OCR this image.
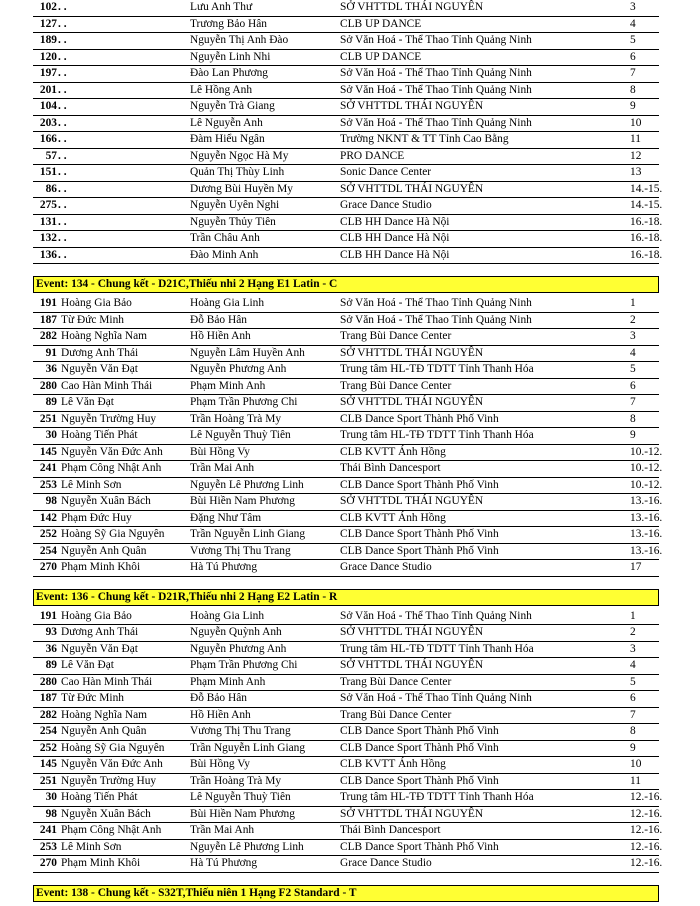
102	Lưu Anh Thư	SỞ VHTTDL THÁI NGUYÊN	3
. .
127	Trương Bảo Hân	CLB UP DANCE	4
. .
189	Nguyễn Thị Anh Đào	Sở Văn Hoá - Thể Thao Tỉnh Quảng Ninh	5
. .
120	Nguyễn Linh Nhi	CLB UP DANCE	6
. .
197	Đào Lan Phương	Sở Văn Hoá - Thể Thao Tỉnh Quảng Ninh	7
. .
201	Lê Hồng Anh	Sở Văn Hoá - Thể Thao Tỉnh Quảng Ninh	8
. .
104	Nguyễn Trà Giang	SỞ VHTTDL THÁI NGUYÊN	9
. .
203	Lê Nguyễn Anh	Sở Văn Hoá - Thể Thao Tỉnh Quảng Ninh	10
. .
166	Đàm Hiểu Ngân	Trường NKNT & TT Tỉnh Cao Bằng	11
. .
57	Nguyễn Ngọc Hà My	PRO DANCE	12
. .
151	Quản Thị Thùy Linh	Sonic Dance Center	13
. .
86	Dương Bùi Huyền My	SỞ VHTTDL THÁI NGUYÊN	14.-15.
. .
275	Nguyễn Uyên Nghi	Grace Dance Studio	14.-15.
. .
131	Nguyễn Thủy Tiên	CLB HH Dance Hà Nội	16.-18.
. .
132	Trần Châu Anh	CLB HH Dance Hà Nội	16.-18.
. .
136	Đào Minh Anh	CLB HH Dance Hà Nội	16.-18.
. .
Event: 134 - Chung kết - D21C,Thiếu nhi 2 Hạng E1 Latin - C
191 Hoàng Gia Bảo	Hoàng Gia Linh	Sở Văn Hoá - Thể Thao Tỉnh Quảng Ninh	1
187 Từ Đức Minh	Đỗ Bảo Hân	Sở Văn Hoá - Thể Thao Tỉnh Quảng Ninh	2
282 Hoàng Nghĩa Nam	Hồ Hiền Anh	Trang Bùi Dance Center	3
91 Dương Anh Thái	Nguyễn Lâm Huyền Anh	SỞ VHTTDL THÁI NGUYÊN	4
36 Nguyễn Văn Đạt	Nguyễn Phương Anh	Trung tâm HL-TĐ TDTT Tỉnh Thanh Hóa	5
280 Cao Hàn Minh Thái	Phạm Minh Anh	Trang Bùi Dance Center	6
89 Lê Văn Đạt	Phạm Trần Phương Chi	SỞ VHTTDL THÁI NGUYÊN	7
251 Nguyễn Trường Huy	Trần Hoàng Trà My	CLB Dance Sport Thành Phố Vinh	8
30 Hoàng Tiến Phát	Lê Nguyễn Thuỳ Tiên	Trung tâm HL-TĐ TDTT Tỉnh Thanh Hóa	9
145 Nguyễn Văn Đức Anh	Bùi Hồng Vy	CLB KVTT Ánh Hồng	10.-12.
241 Phạm Công Nhật Anh	Trần Mai Anh	Thái Bình Dancesport	10.-12.
253 Lê Minh Sơn	Nguyễn Lê Phương Linh	CLB Dance Sport Thành Phố Vinh	10.-12.
98 Nguyễn Xuân Bách	Bùi Hiền Nam Phương	SỞ VHTTDL THÁI NGUYÊN	13.-16.
142 Phạm Đức Huy	Đặng Như Tâm	CLB KVTT Ánh Hồng	13.-16.
252 Hoàng Sỹ Gia Nguyên	Trần Nguyễn Linh Giang	CLB Dance Sport Thành Phố Vinh	13.-16.
254 Nguyễn Anh Quân	Vương Thị Thu Trang	CLB Dance Sport Thành Phố Vinh	13.-16.
270 Phạm Minh Khôi	Hà Tú Phương	Grace Dance Studio	17
Event: 136 - Chung kết - D21R,Thiếu nhi 2 Hạng E2 Latin - R
191 Hoàng Gia Bảo	Hoàng Gia Linh	Sở Văn Hoá - Thể Thao Tỉnh Quảng Ninh	1
93 Dương Anh Thái	Nguyễn Quỳnh Anh	SỞ VHTTDL THÁI NGUYÊN	2
36 Nguyễn Văn Đạt	Nguyễn Phương Anh	Trung tâm HL-TĐ TDTT Tỉnh Thanh Hóa	3
89 Lê Văn Đạt	Phạm Trần Phương Chi	SỞ VHTTDL THÁI NGUYÊN	4
280 Cao Hàn Minh Thái	Phạm Minh Anh	Trang Bùi Dance Center	5
187 Từ Đức Minh	Đỗ Bảo Hân	Sở Văn Hoá - Thể Thao Tỉnh Quảng Ninh	6
282 Hoàng Nghĩa Nam	Hồ Hiền Anh	Trang Bùi Dance Center	7
254 Nguyễn Anh Quân	Vương Thị Thu Trang	CLB Dance Sport Thành Phố Vinh	8
252 Hoàng Sỹ Gia Nguyên	Trần Nguyễn Linh Giang	CLB Dance Sport Thành Phố Vinh	9
145 Nguyễn Văn Đức Anh	Bùi Hồng Vy	CLB KVTT Ánh Hồng	10
251 Nguyễn Trường Huy	Trần Hoàng Trà My	CLB Dance Sport Thành Phố Vinh	11
30 Hoàng Tiến Phát	Lê Nguyễn Thuỳ Tiên	Trung tâm HL-TĐ TDTT Tỉnh Thanh Hóa	12.-16.
98 Nguyễn Xuân Bách	Bùi Hiền Nam Phương	SỞ VHTTDL THÁI NGUYÊN	12.-16.
241 Phạm Công Nhật Anh	Trần Mai Anh	Thái Bình Dancesport	12.-16.
253 Lê Minh Sơn	Nguyễn Lê Phương Linh	CLB Dance Sport Thành Phố Vinh	12.-16.
270 Phạm Minh Khôi	Hà Tú Phương	Grace Dance Studio	12.-16.
Event: 138 - Chung kết - S32T,Thiếu niên 1 Hạng F2 Standard - T
